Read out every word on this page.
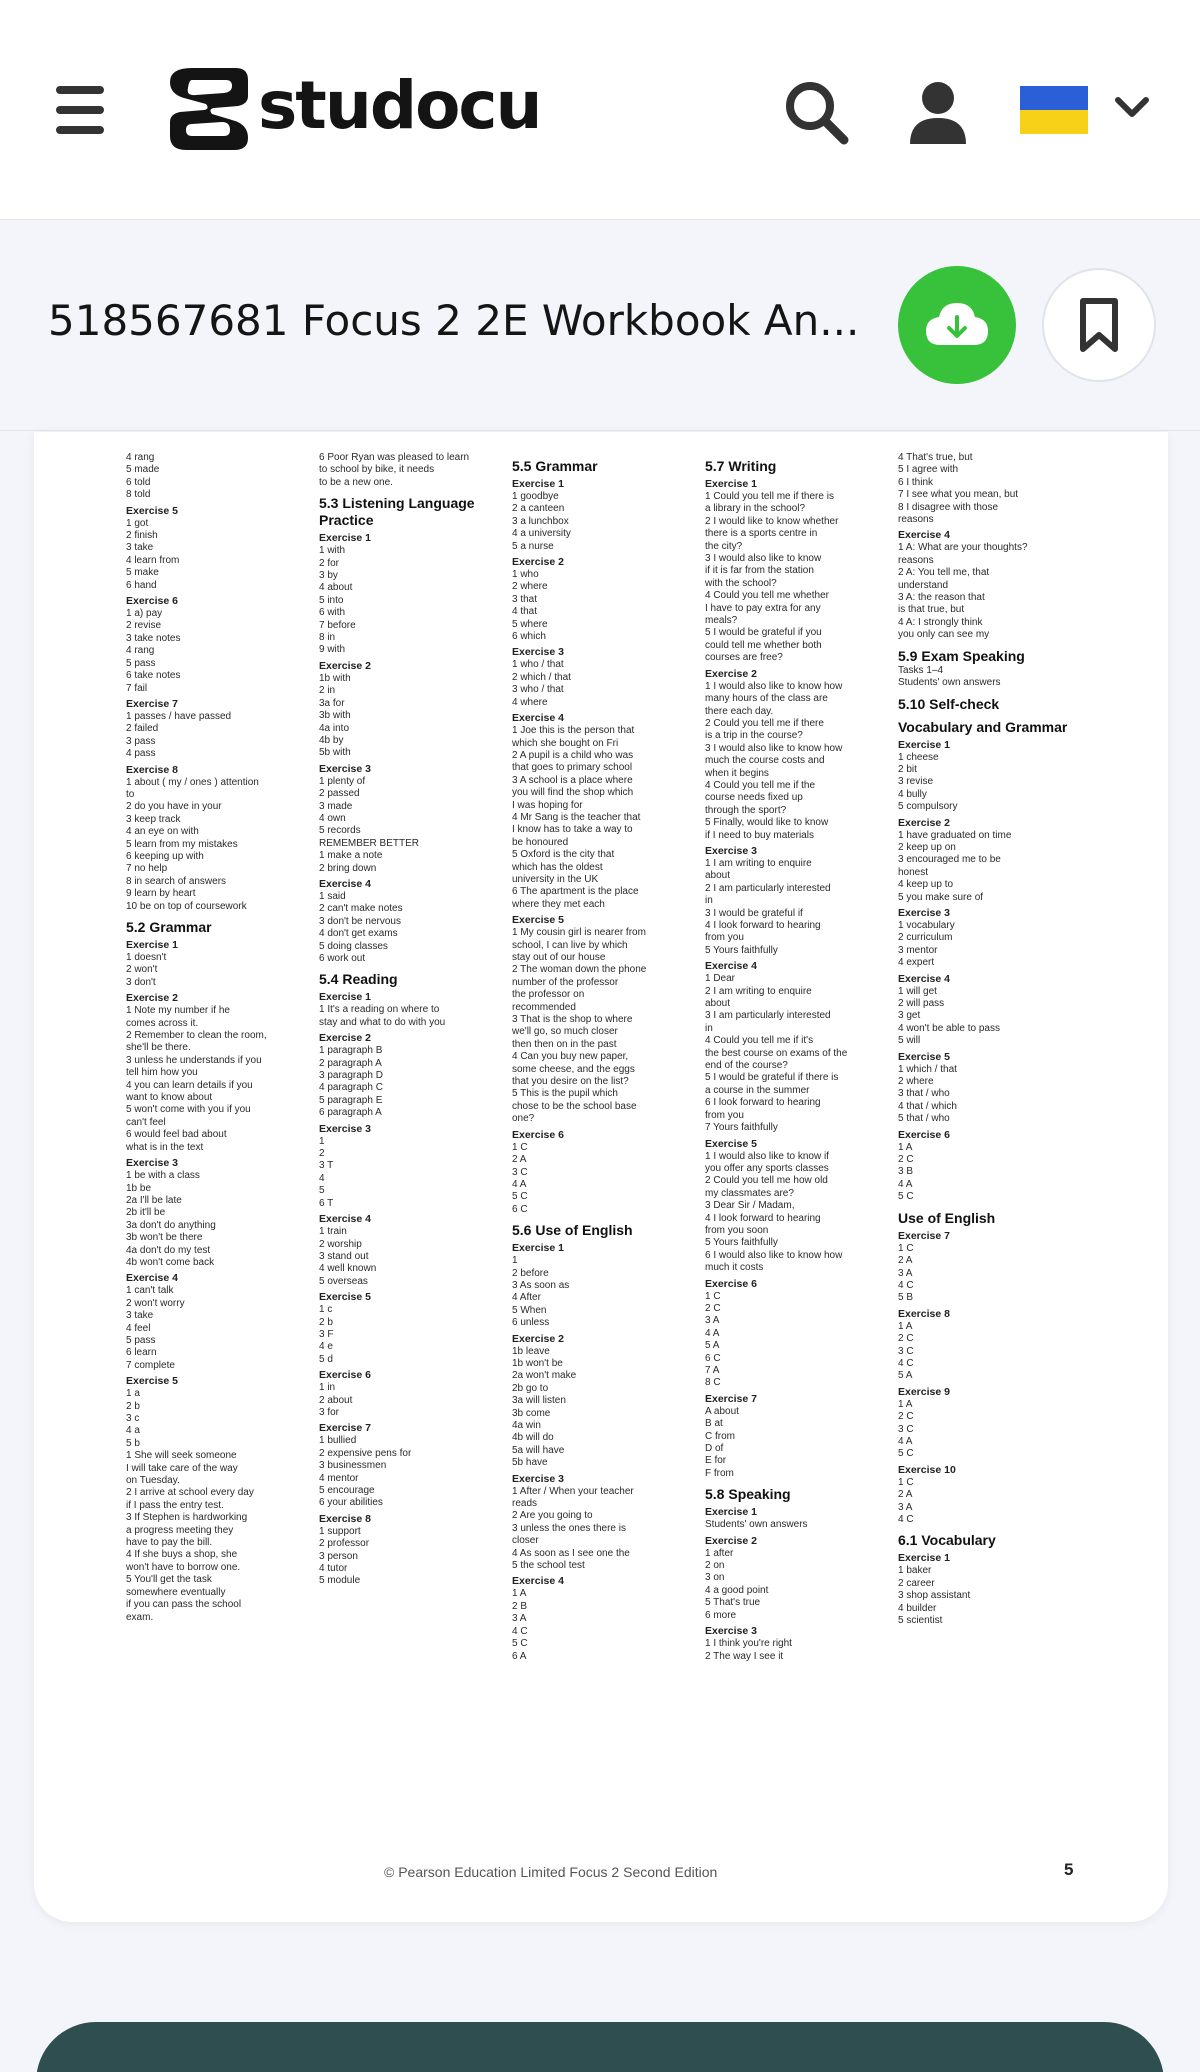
studocu
518567681 Focus 2 2E Workbook An...
4 rang
5 made
6 told
8 told
Exercise 5
1 got
2 finish
3 take
4 learn from
5 make
6 hand
Exercise 6
1 a) pay
2 revise
3 take notes
4 rang
5 pass
6 take notes
7 fail
Exercise 7
1 passes / have passed
2 failed
3 pass
4 pass
Exercise 8
1 about ( my / ones ) attention
to
2 do you have in your
3 keep track
4 an eye on with
5 learn from my mistakes
6 keeping up with
7 no help
8 in search of answers
9 learn by heart
10 be on top of coursework
5.2 Grammar
Exercise 1
1 doesn't
2 won't
3 don't
Exercise 2
1 Note my number if he
comes across it.
2 Remember to clean the room,
she'll be there.
3 unless he understands if you
tell him how you
4 you can learn details if you
want to know about
5 won't come with you if you
can't feel
6 would feel bad about
what is in the text
Exercise 3
1 be with a class
1b be
2a I'll be late
2b it'll be
3a don't do anything
3b won't be there
4a don't do my test
4b won't come back
Exercise 4
1 can't talk
2 won't worry
3 take
4 feel
5 pass
6 learn
7 complete
Exercise 5
1 a
2 b
3 c
4 a
5 b
1 She will seek someone
I will take care of the way
on Tuesday.
2 I arrive at school every day
if I pass the entry test.
3 If Stephen is hardworking
a progress meeting they
have to pay the bill.
4 If she buys a shop, she
won't have to borrow one.
5 You'll get the task
somewhere eventually
if you can pass the school
exam.
6 Poor Ryan was pleased to learn
to school by bike, it needs
to be a new one.
5.3 Listening Language Practice
Exercise 1
1 with
2 for
3 by
4 about
5 into
6 with
7 before
8 in
9 with
Exercise 2
1b with
2 in
3a for
3b with
4a into
4b by
5b with
Exercise 3
1 plenty of
2 passed
3 made
4 own
5 records
REMEMBER BETTER
1 make a note
2 bring down
Exercise 4
1 said
2 can't make notes
3 don't be nervous
4 don't get exams
5 doing classes
6 work out
5.4 Reading
Exercise 1
1 It's a reading on where to
stay and what to do with you
Exercise 2
1 paragraph B
2 paragraph A
3 paragraph D
4 paragraph C
5 paragraph E
6 paragraph A
Exercise 3
1
2
3 T
4
5
6 T
Exercise 4
1 train
2 worship
3 stand out
4 well known
5 overseas
Exercise 5
1 c
2 b
3 F
4 e
5 d
Exercise 6
1 in
2 about
3 for
Exercise 7
1 bullied
2 expensive pens for
3 businessmen
4 mentor
5 encourage
6 your abilities
Exercise 8
1 support
2 professor
3 person
4 tutor
5 module
5.5 Grammar
Exercise 1
1 goodbye
2 a canteen
3 a lunchbox
4 a university
5 a nurse
Exercise 2
1 who
2 where
3 that
4 that
5 where
6 which
Exercise 3
1 who / that
2 which / that
3 who / that
4 where
Exercise 4
1 Joe this is the person that
which she bought on Fri
2 A pupil is a child who was
that goes to primary school
3 A school is a place where
you will find the shop which
I was hoping for
4 Mr Sang is the teacher that
I know has to take a way to
be honoured
5 Oxford is the city that
which has the oldest
university in the UK
6 The apartment is the place
where they met each
Exercise 5
1 My cousin girl is nearer from
school, I can live by which
stay out of our house
2 The woman down the phone
number of the professor
the professor on
recommended
3 That is the shop to where
we'll go, so much closer
then then on in the past
4 Can you buy new paper,
some cheese, and the eggs
that you desire on the list?
5 This is the pupil which
chose to be the school base
one?
Exercise 6
1 C
2 A
3 C
4 A
5 C
6 C
5.6 Use of English
Exercise 1
1
2 before
3 As soon as
4 After
5 When
6 unless
Exercise 2
1b leave
1b won't be
2a won't make
2b go to
3a will listen
3b come
4a win
4b will do
5a will have
5b have
Exercise 3
1 After / When your teacher
reads
2 Are you going to
3 unless the ones there is
closer
4 As soon as I see one the
5 the school test
Exercise 4
1 A
2 B
3 A
4 C
5 C
6 A
5.7 Writing
Exercise 1
1 Could you tell me if there is
a library in the school?
2 I would like to know whether
there is a sports centre in
the city?
3 I would also like to know
if it is far from the station
with the school?
4 Could you tell me whether
I have to pay extra for any
meals?
5 I would be grateful if you
could tell me whether both
courses are free?
Exercise 2
1 I would also like to know how
many hours of the class are
there each day.
2 Could you tell me if there
is a trip in the course?
3 I would also like to know how
much the course costs and
when it begins
4 Could you tell me if the
course needs fixed up
through the sport?
5 Finally, would like to know
if I need to buy materials
Exercise 3
1 I am writing to enquire
about
2 I am particularly interested
in
3 I would be grateful if
4 I look forward to hearing
from you
5 Yours faithfully
Exercise 4
1 Dear
2 I am writing to enquire
about
3 I am particularly interested
in
4 Could you tell me if it's
the best course on exams of the
end of the course?
5 I would be grateful if there is
a course in the summer
6 I look forward to hearing
from you
7 Yours faithfully
Exercise 5
1 I would also like to know if
you offer any sports classes
2 Could you tell me how old
my classmates are?
3 Dear Sir / Madam,
4 I look forward to hearing
from you soon
5 Yours faithfully
6 I would also like to know how
much it costs
Exercise 6
1 C
2 C
3 A
4 A
5 A
6 C
7 A
8 C
Exercise 7
A about
B at
C from
D of
E for
F from
5.8 Speaking
Exercise 1
Students' own answers
Exercise 2
1 after
2 on
3 on
4 a good point
5 That's true
6 more
Exercise 3
1 I think you're right
2 The way I see it
4 That's true, but
5 I agree with
6 I think
7 I see what you mean, but
8 I disagree with those
reasons
Exercise 4
1 A: What are your thoughts?
reasons
2 A: You tell me, that
understand
3 A: the reason that
is that true, but
4 A: I strongly think
you only can see my
5.9 Exam Speaking
Tasks 1–4
Students' own answers
5.10 Self-check
Vocabulary and Grammar
Exercise 1
1 cheese
2 bit
3 revise
4 bully
5 compulsory
Exercise 2
1 have graduated on time
2 keep up on
3 encouraged me to be
honest
4 keep up to
5 you make sure of
Exercise 3
1 vocabulary
2 curriculum
3 mentor
4 expert
Exercise 4
1 will get
2 will pass
3 get
4 won't be able to pass
5 will
Exercise 5
1 which / that
2 where
3 that / who
4 that / which
5 that / who
Exercise 6
1 A
2 C
3 B
4 A
5 C
Use of English
Exercise 7
1 C
2 A
3 A
4 C
5 B
Exercise 8
1 A
2 C
3 C
4 C
5 A
Exercise 9
1 A
2 C
3 C
4 A
5 C
Exercise 10
1 C
2 A
3 A
4 C
6.1 Vocabulary
Exercise 1
1 baker
2 career
3 shop assistant
4 builder
5 scientist
© Pearson Education Limited Focus 2 Second Edition	5
